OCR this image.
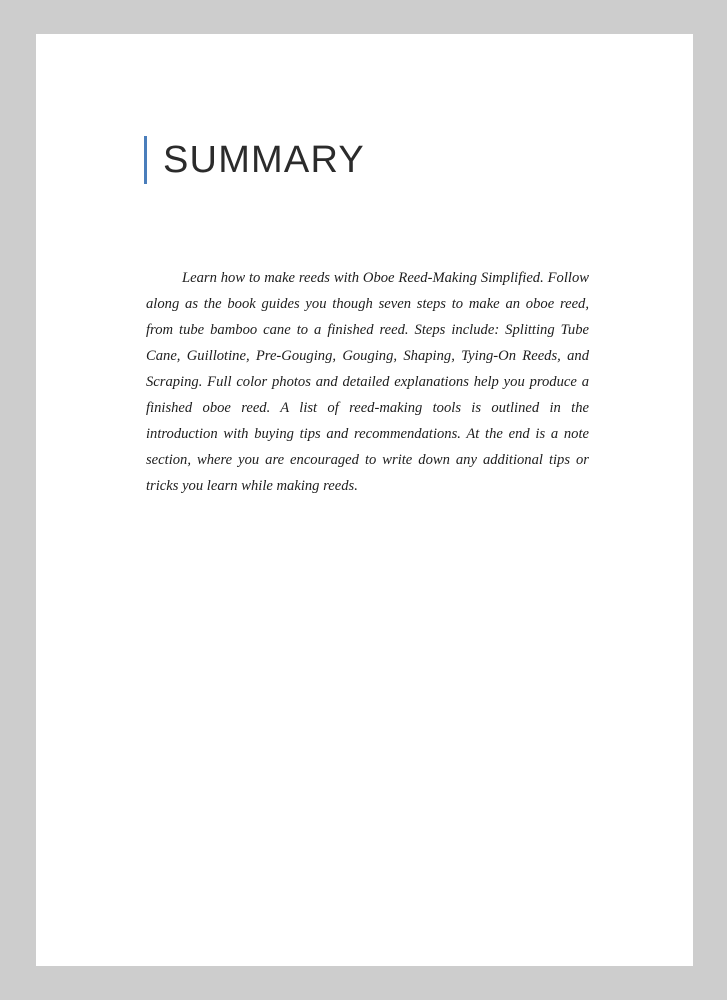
SUMMARY

Learn how to make reeds with Oboe Reed-Making Simplified. Follow along as the book guides you though seven steps to make an oboe reed, from tube bamboo cane to a finished reed. Steps include: Splitting Tube Cane, Guillotine, Pre-Gouging, Gouging, Shaping, Tying-On Reeds, and Scraping. Full color photos and detailed explanations help you produce a finished oboe reed. A list of reed-making tools is outlined in the introduction with buying tips and recommendations. At the end is a note section, where you are encouraged to write down any additional tips or tricks you learn while making reeds.
